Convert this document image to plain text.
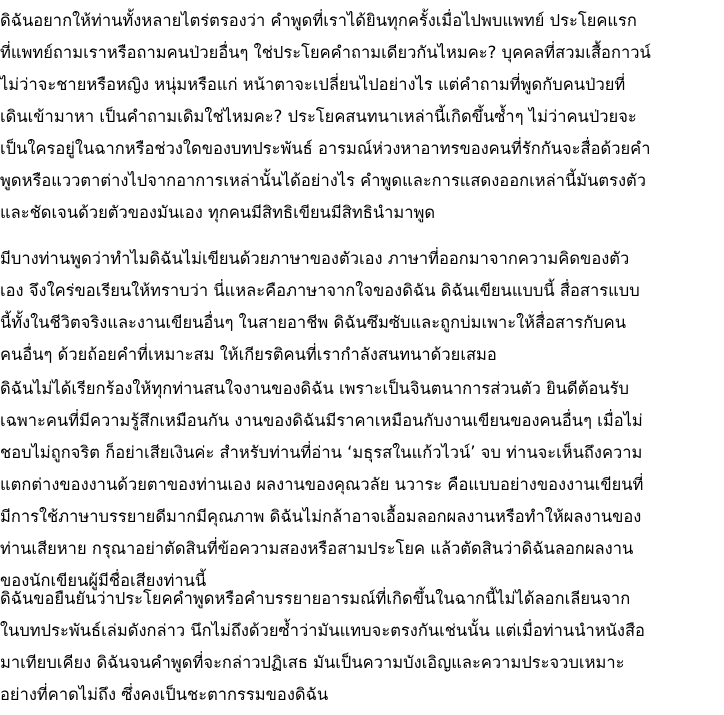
ดิฉันอยากให้ท่านทั้งหลายไตร่ตรองว่า คำพูดที่เราได้ยินทุกครั้งเมื่อไปพบแพทย์ ประโยคแรก
ที่แพทย์ถามเราหรือถามคนป่วยอื่นๆ ใช่ประโยคคำถามเดียวกันไหมคะ? บุคคลที่สวมเสื้อกาวน์
ไม่ว่าจะชายหรือหญิง หนุ่มหรือแก่ หน้าตาจะเปลี่ยนไปอย่างไร แต่คำถามที่พูดกับคนป่วยที่
เดินเข้ามาหา เป็นคำถามเดิมใช่ไหมคะ? ประโยคสนทนาเหล่านี้เกิดขึ้นซ้ำๆ ไม่ว่าคนป่วยจะ
เป็นใครอยู่ในฉากหรือช่วงใดของบทประพันธ์ อารมณ์ห่วงหาอาทรของคนที่รักกันจะสื่อด้วยคำ
พูดหรือแววตาต่างไปจากอาการเหล่านั้นได้อย่างไร คำพูดและการแสดงออกเหล่านี้มันตรงตัว
และชัดเจนด้วยตัวของมันเอง ทุกคนมีสิทธิเขียนมีสิทธินำมาพูด
มีบางท่านพูดว่าทำไมดิฉันไม่เขียนด้วยภาษาของตัวเอง ภาษาที่ออกมาจากความคิดของตัว
เอง จึงใคร่ขอเรียนให้ทราบว่า นี่แหละคือภาษาจากใจของดิฉัน ดิฉันเขียนแบบนี้ สื่อสารแบบ
นี้ทั้งในชีวิตจริงและงานเขียนอื่นๆ ในสายอาชีพ ดิฉันซึมซับและถูกบ่มเพาะให้สื่อสารกับคน
คนอื่นๆ ด้วยถ้อยคำที่เหมาะสม ให้เกียรติคนที่เรากำลังสนทนาด้วยเสมอ
ดิฉันไม่ได้เรียกร้องให้ทุกท่านสนใจงานของดิฉัน เพราะเป็นจินตนาการส่วนตัว ยินดีต้อนรับ
เฉพาะคนที่มีความรู้สึกเหมือนกัน งานของดิฉันมีราคาเหมือนกับงานเขียนของคนอื่นๆ เมื่อไม่
ชอบไม่ถูกจริต ก็อย่าเสียเงินค่ะ สำหรับท่านที่อ่าน ‘มธุรสในแก้วไวน์’ จบ ท่านจะเห็นถึงความ
แตกต่างของงานด้วยตาของท่านเอง ผลงานของคุณวลัย นวาระ คือแบบอย่างของงานเขียนที่
มีการใช้ภาษาบรรยายดีมากมีคุณภาพ ดิฉันไม่กล้าอาจเอื้อมลอกผลงานหรือทำให้ผลงานของ
ท่านเสียหาย กรุณาอย่าตัดสินที่ข้อความสองหรือสามประโยค แล้วตัดสินว่าดิฉันลอกผลงาน
ของนักเขียนผู้มีชื่อเสียงท่านนี้
ดิฉันขอยืนยันว่าประโยคคำพูดหรือคำบรรยายอารมณ์ที่เกิดขึ้นในฉากนี้ไม่ได้ลอกเลียนจาก
ในบทประพันธ์เล่มดังกล่าว นึกไม่ถึงด้วยซ้ำว่ามันแทบจะตรงกันเช่นนั้น แต่เมื่อท่านนำหนังสือ
มาเทียบเคียง ดิฉันจนคำพูดที่จะกล่าวปฏิเสธ มันเป็นความบังเอิญและความประจวบเหมาะ
อย่างที่คาดไม่ถึง ซึ่งคงเป็นชะตากรรมของดิฉัน
